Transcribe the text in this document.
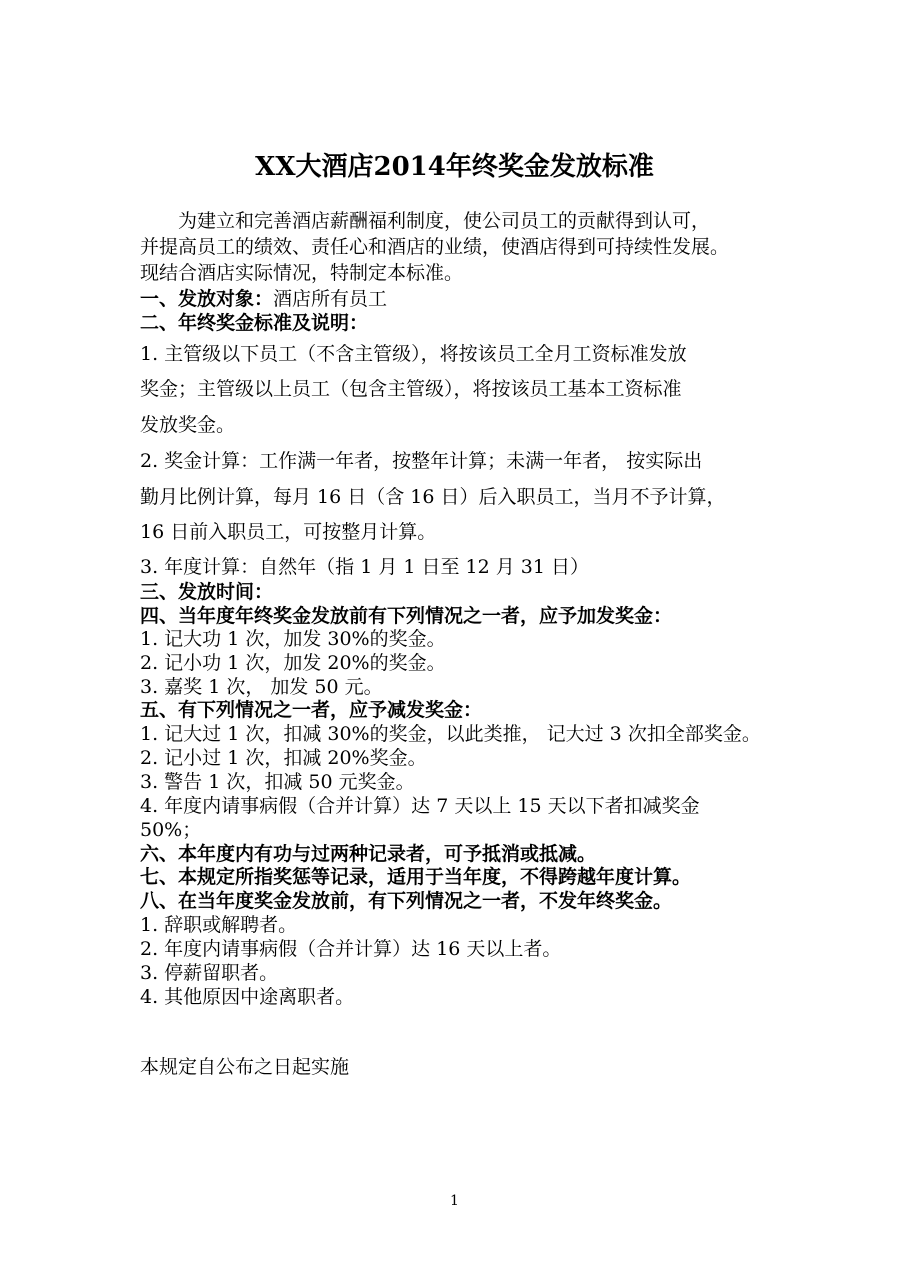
XX大酒店2014年终奖金发放标准
为建立和完善酒店薪酬福利制度，使公司员工的贡献得到认可，
并提高员工的绩效、责任心和酒店的业绩，使酒店得到可持续性发展。
现结合酒店实际情况，特制定本标准。
一、发放对象：酒店所有员工
二、年终奖金标准及说明：
1. 主管级以下员工（不含主管级），将按该员工全月工资标准发放
奖金；主管级以上员工（包含主管级），将按该员工基本工资标准
发放奖金。
2. 奖金计算：工作满一年者，按整年计算；未满一年者， 按实际出
勤月比例计算，每月 16 日（含 16 日）后入职员工，当月不予计算，
16 日前入职员工，可按整月计算。
3. 年度计算：自然年（指 1 月 1 日至 12 月 31 日）
三、发放时间：
四、当年度年终奖金发放前有下列情况之一者，应予加发奖金：
1. 记大功 1 次，加发 30%的奖金。
2. 记小功 1 次，加发 20%的奖金。
3. 嘉奖 1 次， 加发 50 元。
五、有下列情况之一者，应予减发奖金：
1. 记大过 1 次，扣减 30%的奖金，以此类推， 记大过 3 次扣全部奖金。
2. 记小过 1 次，扣减 20%奖金。
3. 警告 1 次，扣减 50 元奖金。
4. 年度内请事病假（合并计算）达 7 天以上 15 天以下者扣减奖金
50%；
六、本年度内有功与过两种记录者，可予抵消或抵减。
七、本规定所指奖惩等记录，适用于当年度，不得跨越年度计算。
八、在当年度奖金发放前，有下列情况之一者，不发年终奖金。
1. 辞职或解聘者。
2. 年度内请事病假（合并计算）达 16 天以上者。
3. 停薪留职者。
4. 其他原因中途离职者。
本规定自公布之日起实施
1
